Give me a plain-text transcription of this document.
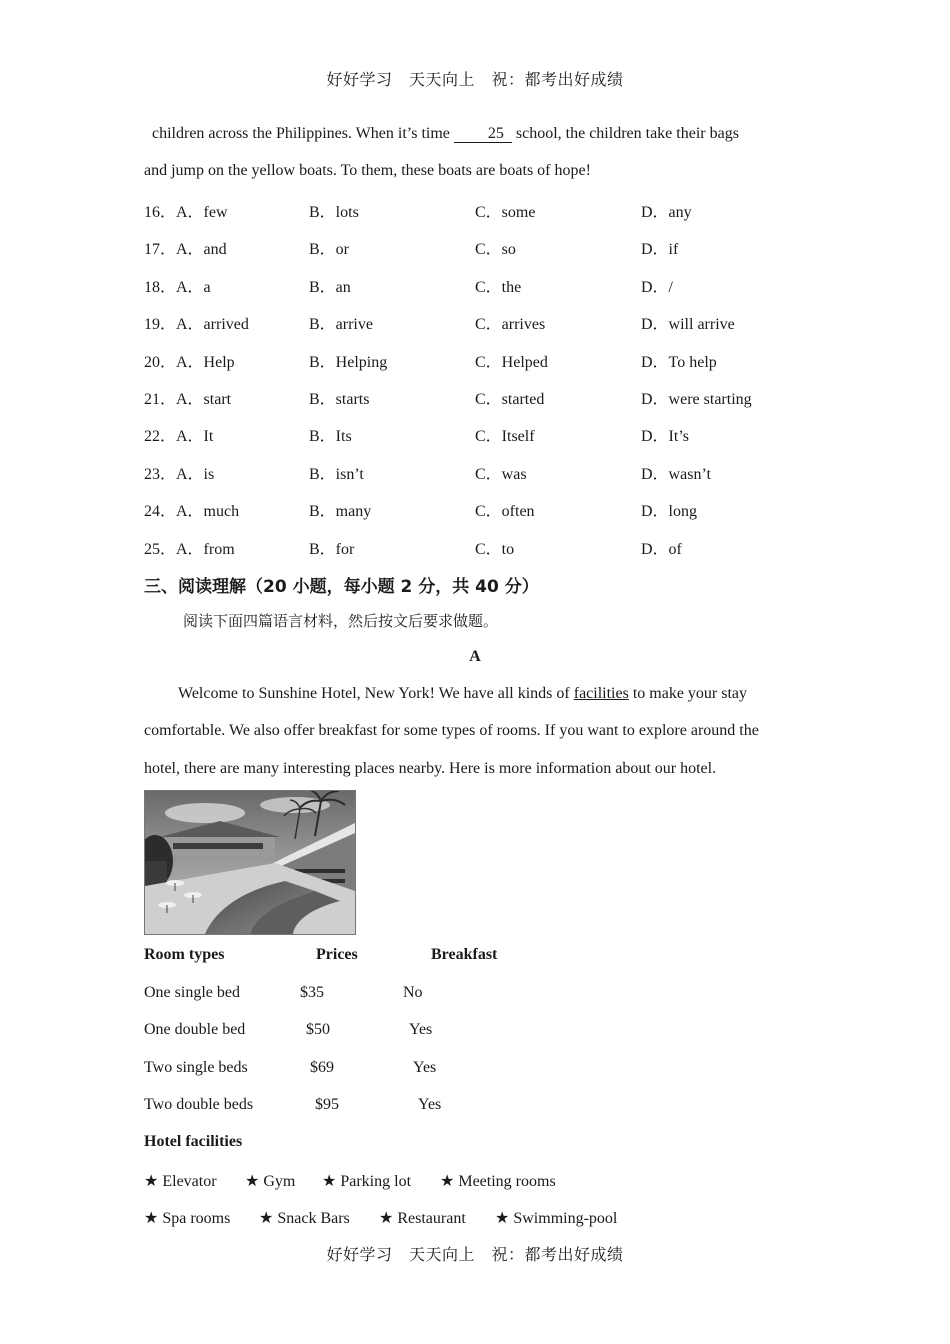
好好学习　天天向上　祝：都考出好成绩
children across the Philippines. When it’s time 25 school, the children take their bags
and jump on the yellow boats. To them, these boats are boats of hope!
16． A．few	B．lots	C．some	D．any
17． A．and	B．or	C．so	D．if
18． A．a	B．an	C．the	D．/
19． A．arrived	B．arrive	C．arrives	D．will arrive
20． A．Help	B．Helping	C．Helped	D．To help
21． A．start	B．starts	C．started	D．were starting
22． A．It	B．Its	C．Itself	D．It’s
23． A．is	B．isn’t	C．was	D．wasn’t
24． A．much	B．many	C．often	D．long
25． A．from	B．for	C．to	D．of
三、阅读理解（20 小题，每小题 2 分，共 40 分）
阅读下面四篇语言材料，然后按文后要求做题。
A
Welcome to Sunshine Hotel, New York! We have all kinds of facilities to make your stay
comfortable. We also offer breakfast for some types of rooms. If you want to explore around the
hotel, there are many interesting places nearby. Here is more information about our hotel.
Room types	Prices	Breakfast
One single bed	$35	No
One double bed	$50	Yes
Two single beds	$69	Yes
Two double beds	$95	Yes
Hotel facilities
★ Elevator ★ Gym ★ Parking lot ★ Meeting rooms
★ Spa rooms ★ Snack Bars ★ Restaurant ★ Swimming-pool
好好学习　天天向上　祝：都考出好成绩
